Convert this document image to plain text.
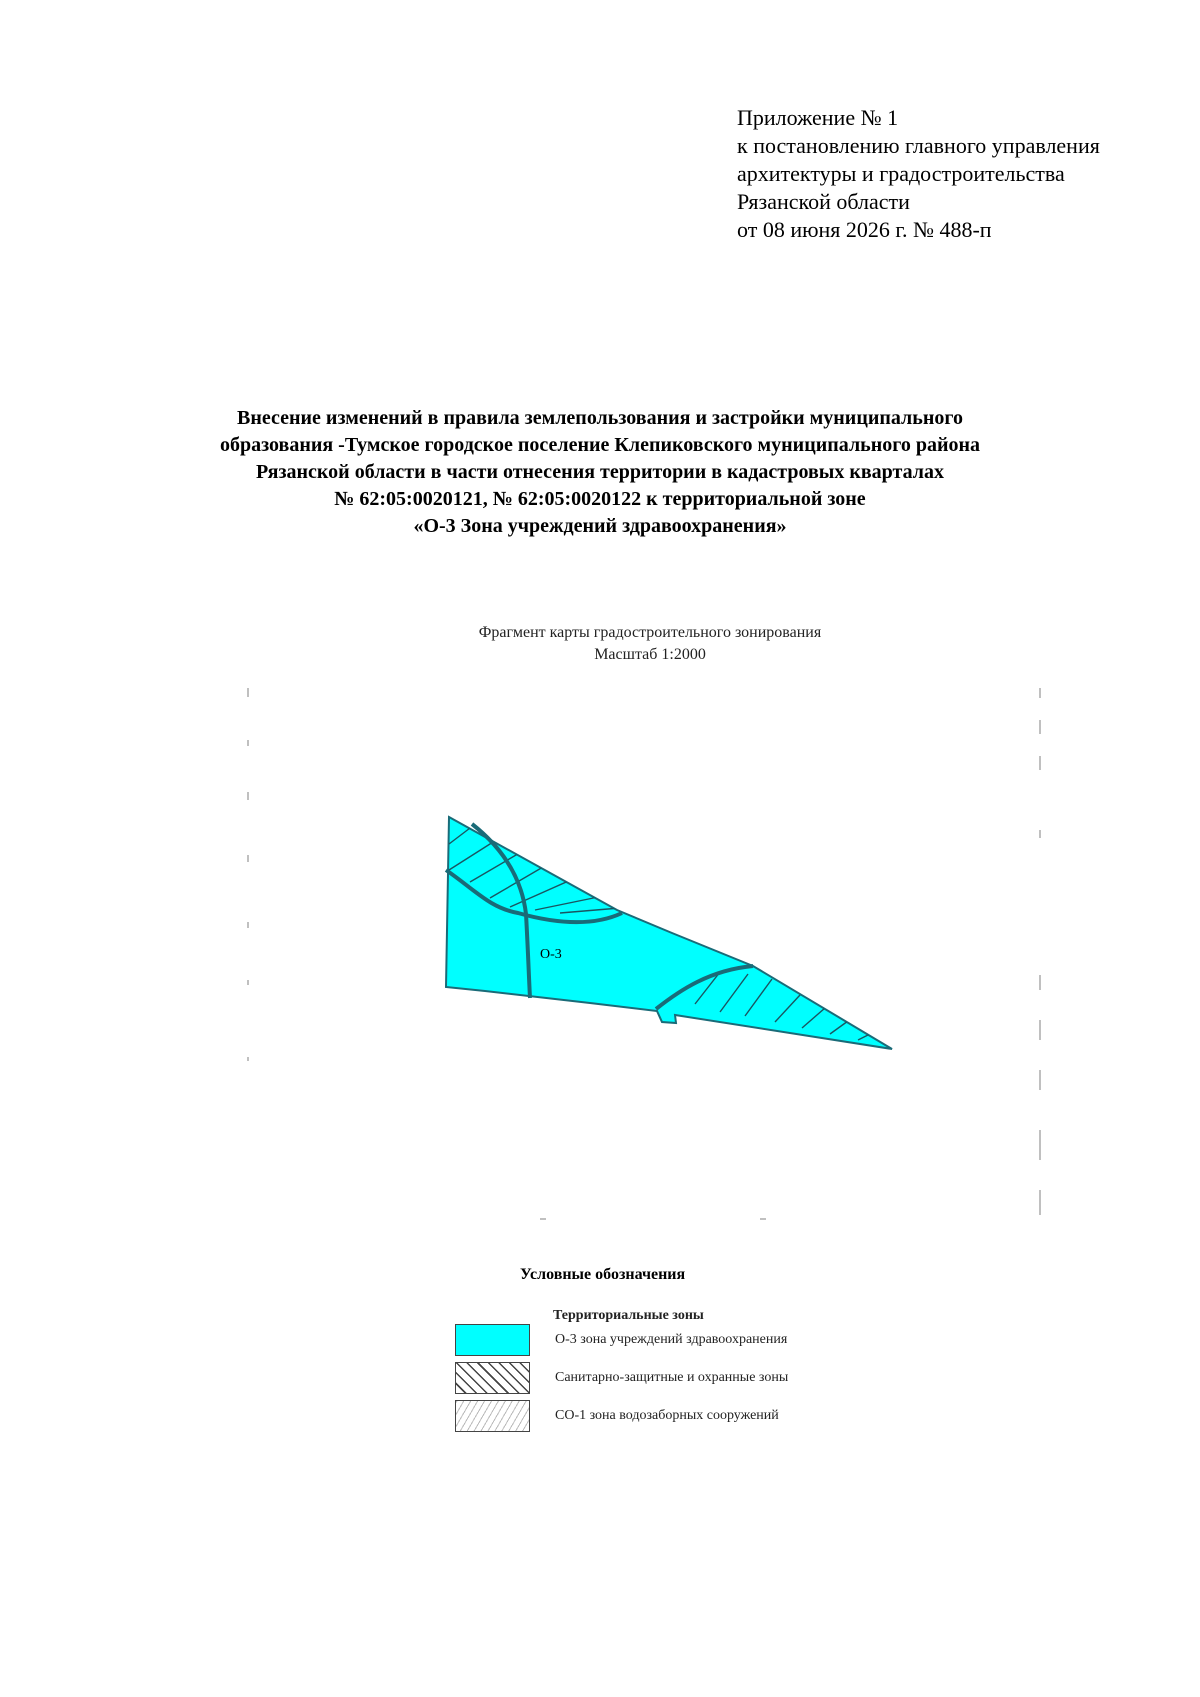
Приложение № 1
к постановлению главного управления
архитектуры и градостроительства
Рязанской области
от 08 июня 2026 г. № 488-п
Внесение изменений в правила землепользования и застройки муниципального
образования -Тумское городское поселение Клепиковского муниципального района
Рязанской области в части отнесения территории в кадастровых кварталах
№ 62:05:0020121, № 62:05:0020122 к территориальной зоне
«О-3 Зона учреждений здравоохранения»
Фрагмент карты градостроительного зонирования
Масштаб 1:2000
О-3
Условные обозначения
Территориальные зоны
О-3 зона учреждений здравоохранения
Санитарно-защитные и охранные зоны
СО-1 зона водозаборных сооружений
